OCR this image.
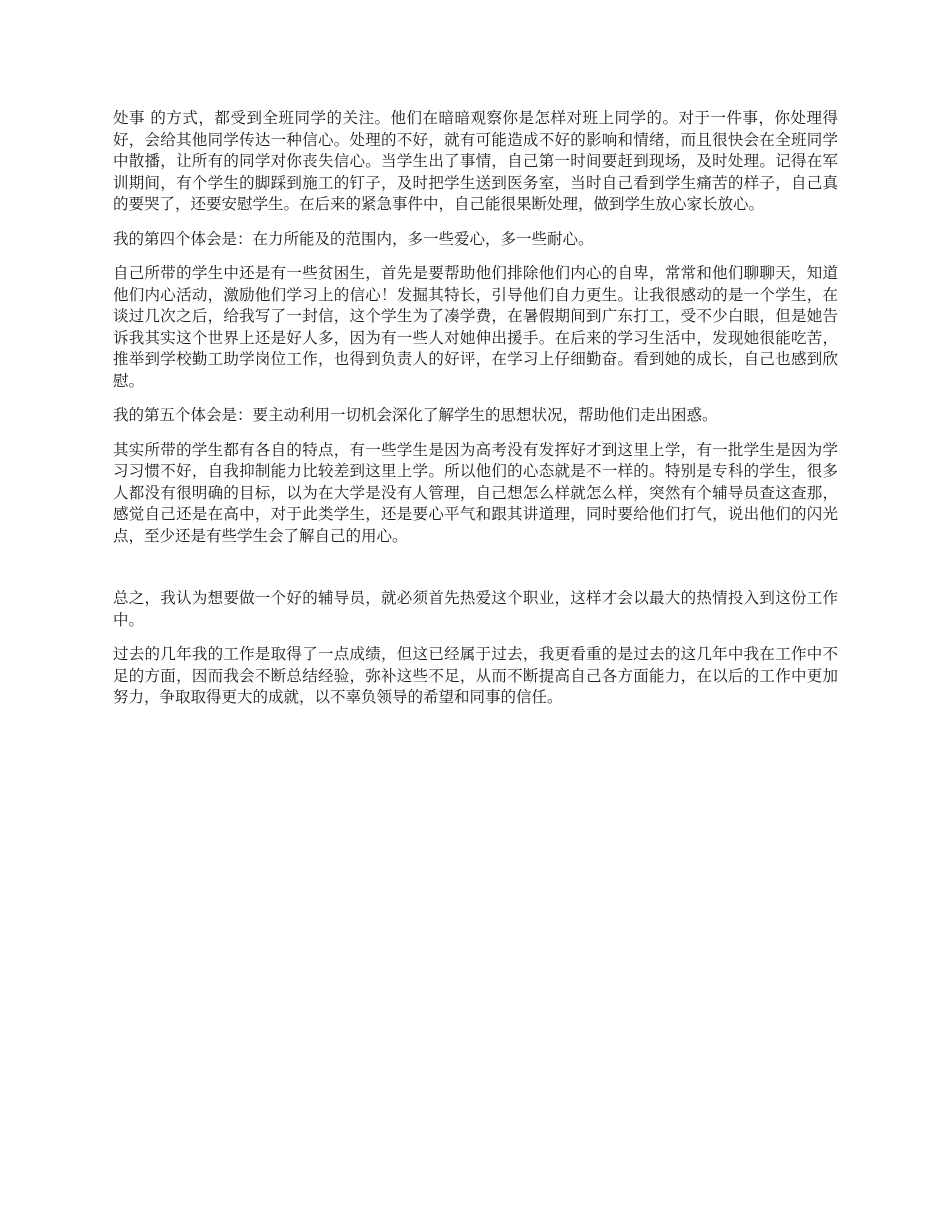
处事 的方式，都受到全班同学的关注。他们在暗暗观察你是怎样对班上同学的。对于一件事，你处理得好，会给其他同学传达一种信心。处理的不好，就有可能造成不好的影响和情绪，而且很快会在全班同学中散播，让所有的同学对你丧失信心。当学生出了事情，自己第一时间要赶到现场，及时处理。记得在军训期间，有个学生的脚踩到施工的钉子，及时把学生送到医务室，当时自己看到学生痛苦的样子，自己真的要哭了，还要安慰学生。在后来的紧急事件中，自己能很果断处理，做到学生放心家长放心。

我的第四个体会是：在力所能及的范围内，多一些爱心，多一些耐心。

自己所带的学生中还是有一些贫困生，首先是要帮助他们排除他们内心的自卑，常常和他们聊聊天，知道他们内心活动，激励他们学习上的信心！发掘其特长，引导他们自力更生。让我很感动的是一个学生，在谈过几次之后，给我写了一封信，这个学生为了凑学费，在暑假期间到广东打工，受不少白眼，但是她告诉我其实这个世界上还是好人多，因为有一些人对她伸出援手。在后来的学习生活中，发现她很能吃苦，推举到学校勤工助学岗位工作，也得到负责人的好评，在学习上仔细勤奋。看到她的成长，自己也感到欣慰。

我的第五个体会是：要主动利用一切机会深化了解学生的思想状况，帮助他们走出困惑。

其实所带的学生都有各自的特点，有一些学生是因为高考没有发挥好才到这里上学，有一批学生是因为学习习惯不好，自我抑制能力比较差到这里上学。所以他们的心态就是不一样的。特别是专科的学生，很多人都没有很明确的目标，以为在大学是没有人管理，自己想怎么样就怎么样，突然有个辅导员查这查那，感觉自己还是在高中，对于此类学生，还是要心平气和跟其讲道理，同时要给他们打气，说出他们的闪光点，至少还是有些学生会了解自己的用心。

总之，我认为想要做一个好的辅导员，就必须首先热爱这个职业，这样才会以最大的热情投入到这份工作中。

过去的几年我的工作是取得了一点成绩，但这已经属于过去，我更看重的是过去的这几年中我在工作中不足的方面，因而我会不断总结经验，弥补这些不足，从而不断提高自己各方面能力，在以后的工作中更加努力，争取取得更大的成就，以不辜负领导的希望和同事的信任。
